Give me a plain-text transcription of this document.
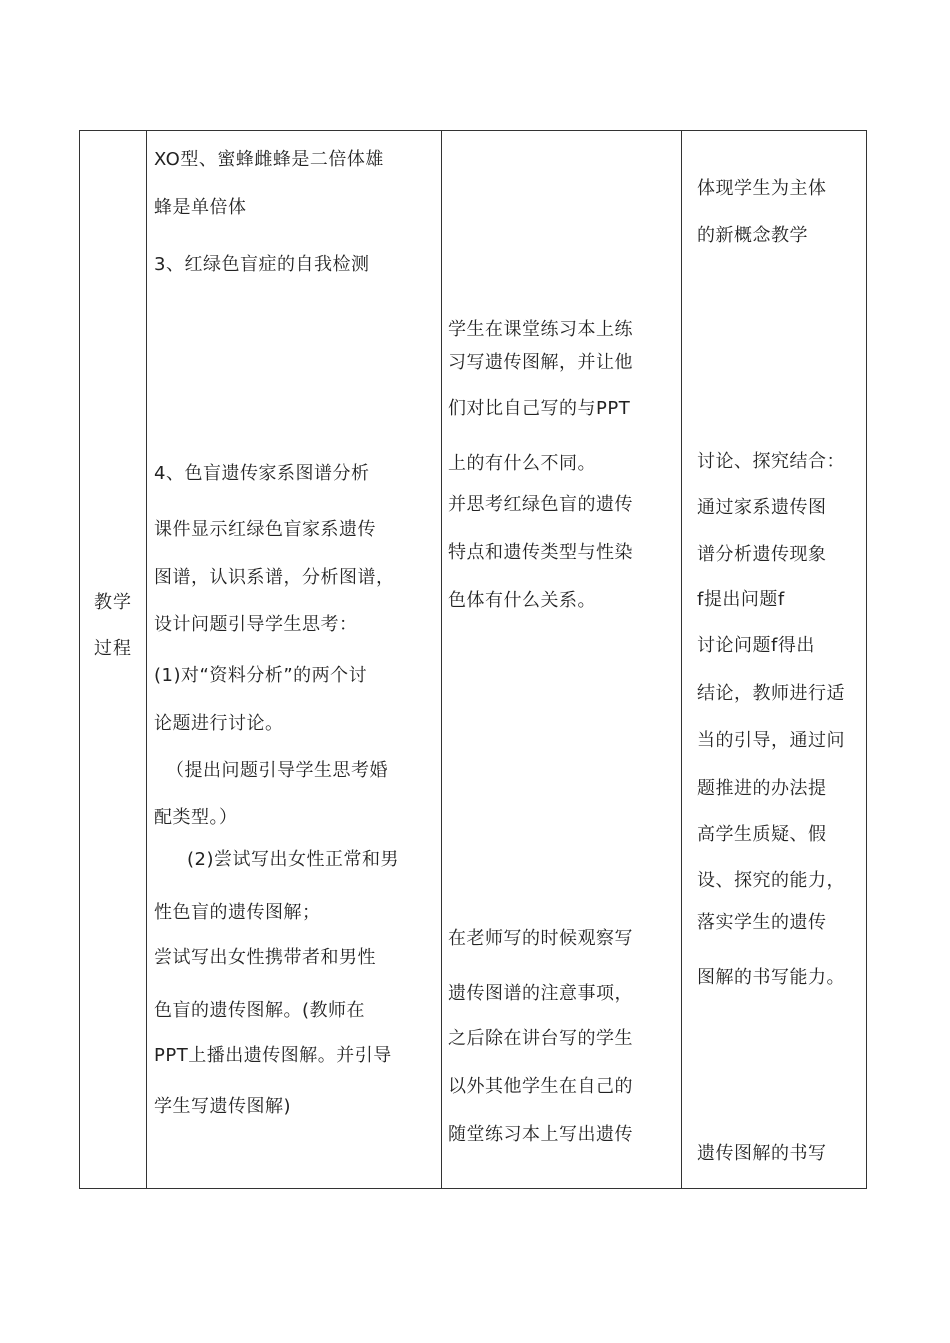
教学
过程
XO型、蜜蜂雌蜂是二倍体雄
蜂是单倍体
3、红绿色盲症的自我检测
4、色盲遗传家系图谱分析
课件显示红绿色盲家系遗传
图谱，认识系谱，分析图谱，
设计问题引导学生思考：
(1)对“资料分析”的两个讨
论题进行讨论。
（提出问题引导学生思考婚
配类型。）
(2)尝试写出女性正常和男
性色盲的遗传图解；
尝试写出女性携带者和男性
色盲的遗传图解。(教师在
PPT上播出遗传图解。并引导
学生写遗传图解)
学生在课堂练习本上练
习写遗传图解，并让他
们对比自己写的与PPT
上的有什么不同。
并思考红绿色盲的遗传
特点和遗传类型与性染
色体有什么关系。
在老师写的时候观察写
遗传图谱的注意事项，
之后除在讲台写的学生
以外其他学生在自己的
随堂练习本上写出遗传
体现学生为主体
的新概念教学
讨论、探究结合：
通过家系遗传图
谱分析遗传现象
f提出问题f
讨论问题f得出
结论，教师进行适
当的引导，通过问
题推进的办法提
高学生质疑、假
设、探究的能力，
落实学生的遗传
图解的书写能力。
遗传图解的书写
